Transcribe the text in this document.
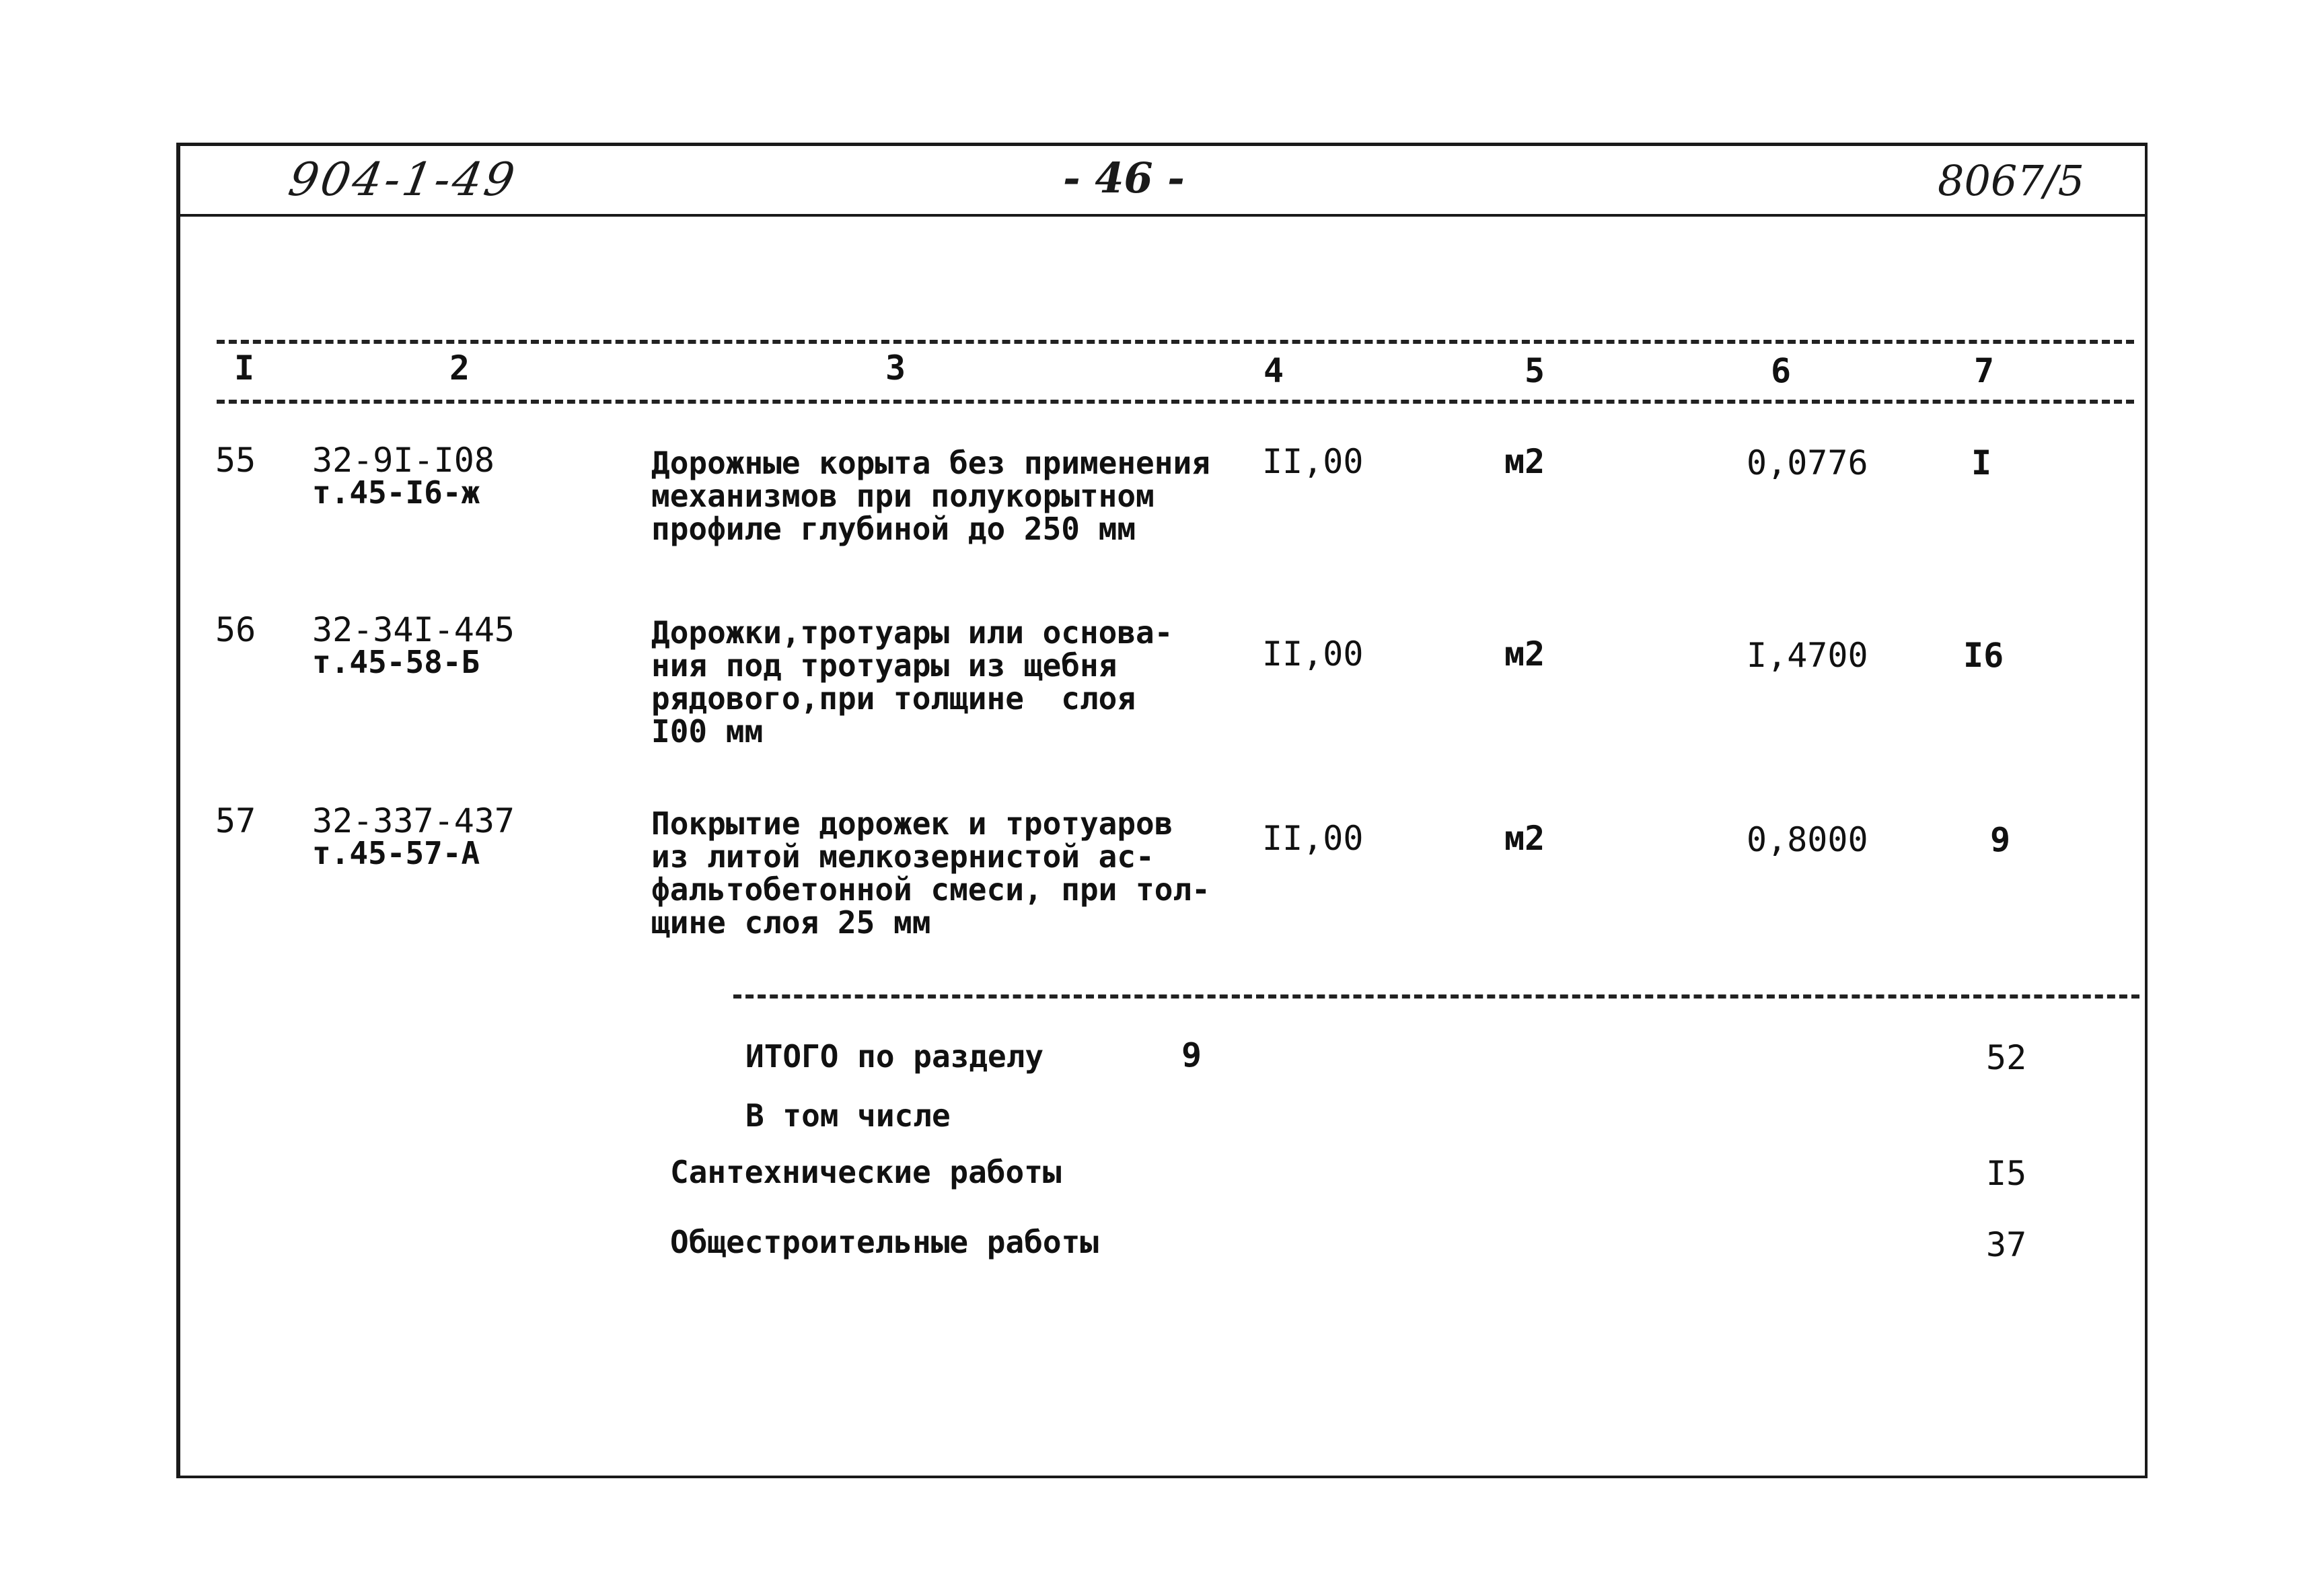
904-1-49	- 46 -	8067/5
I	2	3	4	5	6	7
55 32-9I-I08
т.45-I6-ж
Дорожные корыта без применения
механизмов при полукорытном
профиле глубиной до 250 мм
II,00	м2	0,0776	I
56 32-34I-445
т.45-58-Б
Дорожки,тротуары или основа-
ния под тротуары из щебня
рядового,при толщине  слоя
I00 мм
II,00	м2	I,4700	I6
57 32-337-437
т.45-57-А
Покрытие дорожек и тротуаров
из литой мелкозернистой ас-
фальтобетонной смеси, при тол-
щине слоя 25 мм
II,00	м2	0,8000	9
ИТОГО по разделу	9	52
В том числе
Сантехнические работы	I5
Общестроительные работы	37
